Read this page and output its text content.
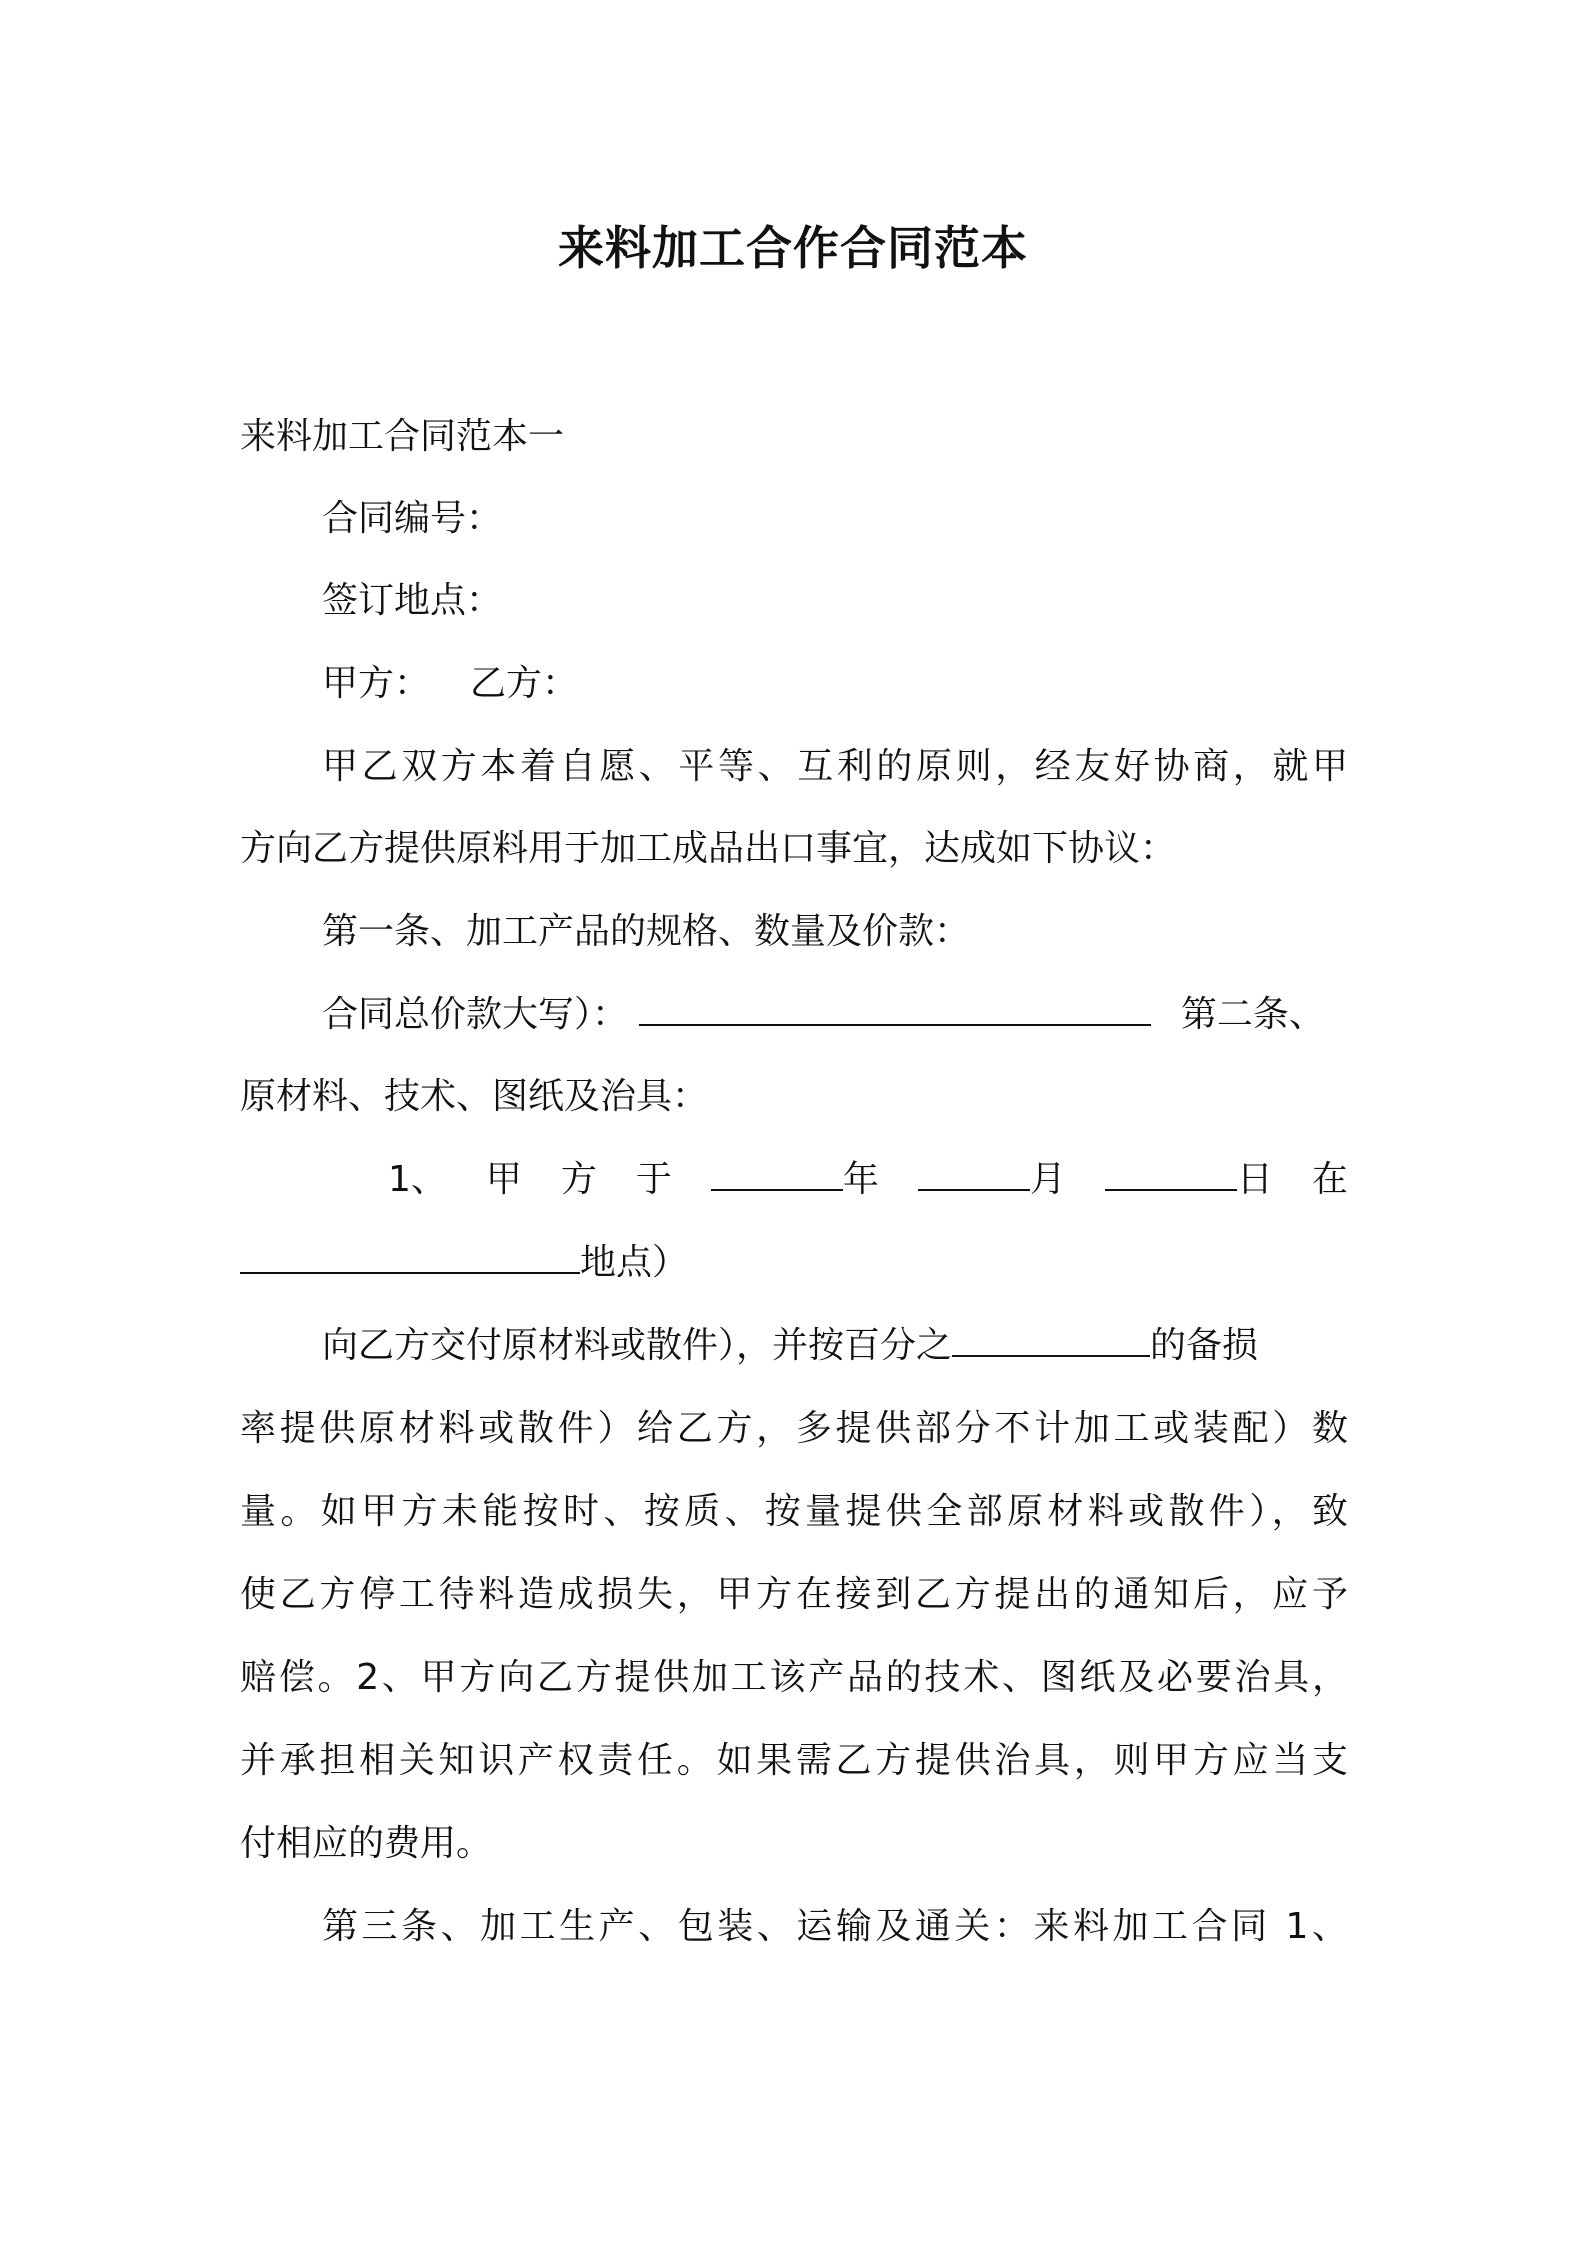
来料加工合作合同范本
来料加工合同范本一
合同编号：
签订地点：
甲方： 乙方：
甲乙双方本着自愿、平等、互利的原则，经友好协商，就甲
方向乙方提供原料用于加工成品出口事宜，达成如下协议：
第一条、加工产品的规格、数量及价款：
合同总价款大写）：	第二条、
原材料、技术、图纸及治具：
1、 甲 方 于	年	月	日 在
地点）
向乙方交付原材料或散件），并按百分之	的备损
率提供原材料或散件）给乙方，多提供部分不计加工或装配）数
量。如甲方未能按时、按质、按量提供全部原材料或散件），致
使乙方停工待料造成损失，甲方在接到乙方提出的通知后，应予
赔偿。2、甲方向乙方提供加工该产品的技术、图纸及必要治具，
并承担相关知识产权责任。如果需乙方提供治具，则甲方应当支
付相应的费用。
第三条、加工生产、包装、运输及通关：来料加工合同 1、
